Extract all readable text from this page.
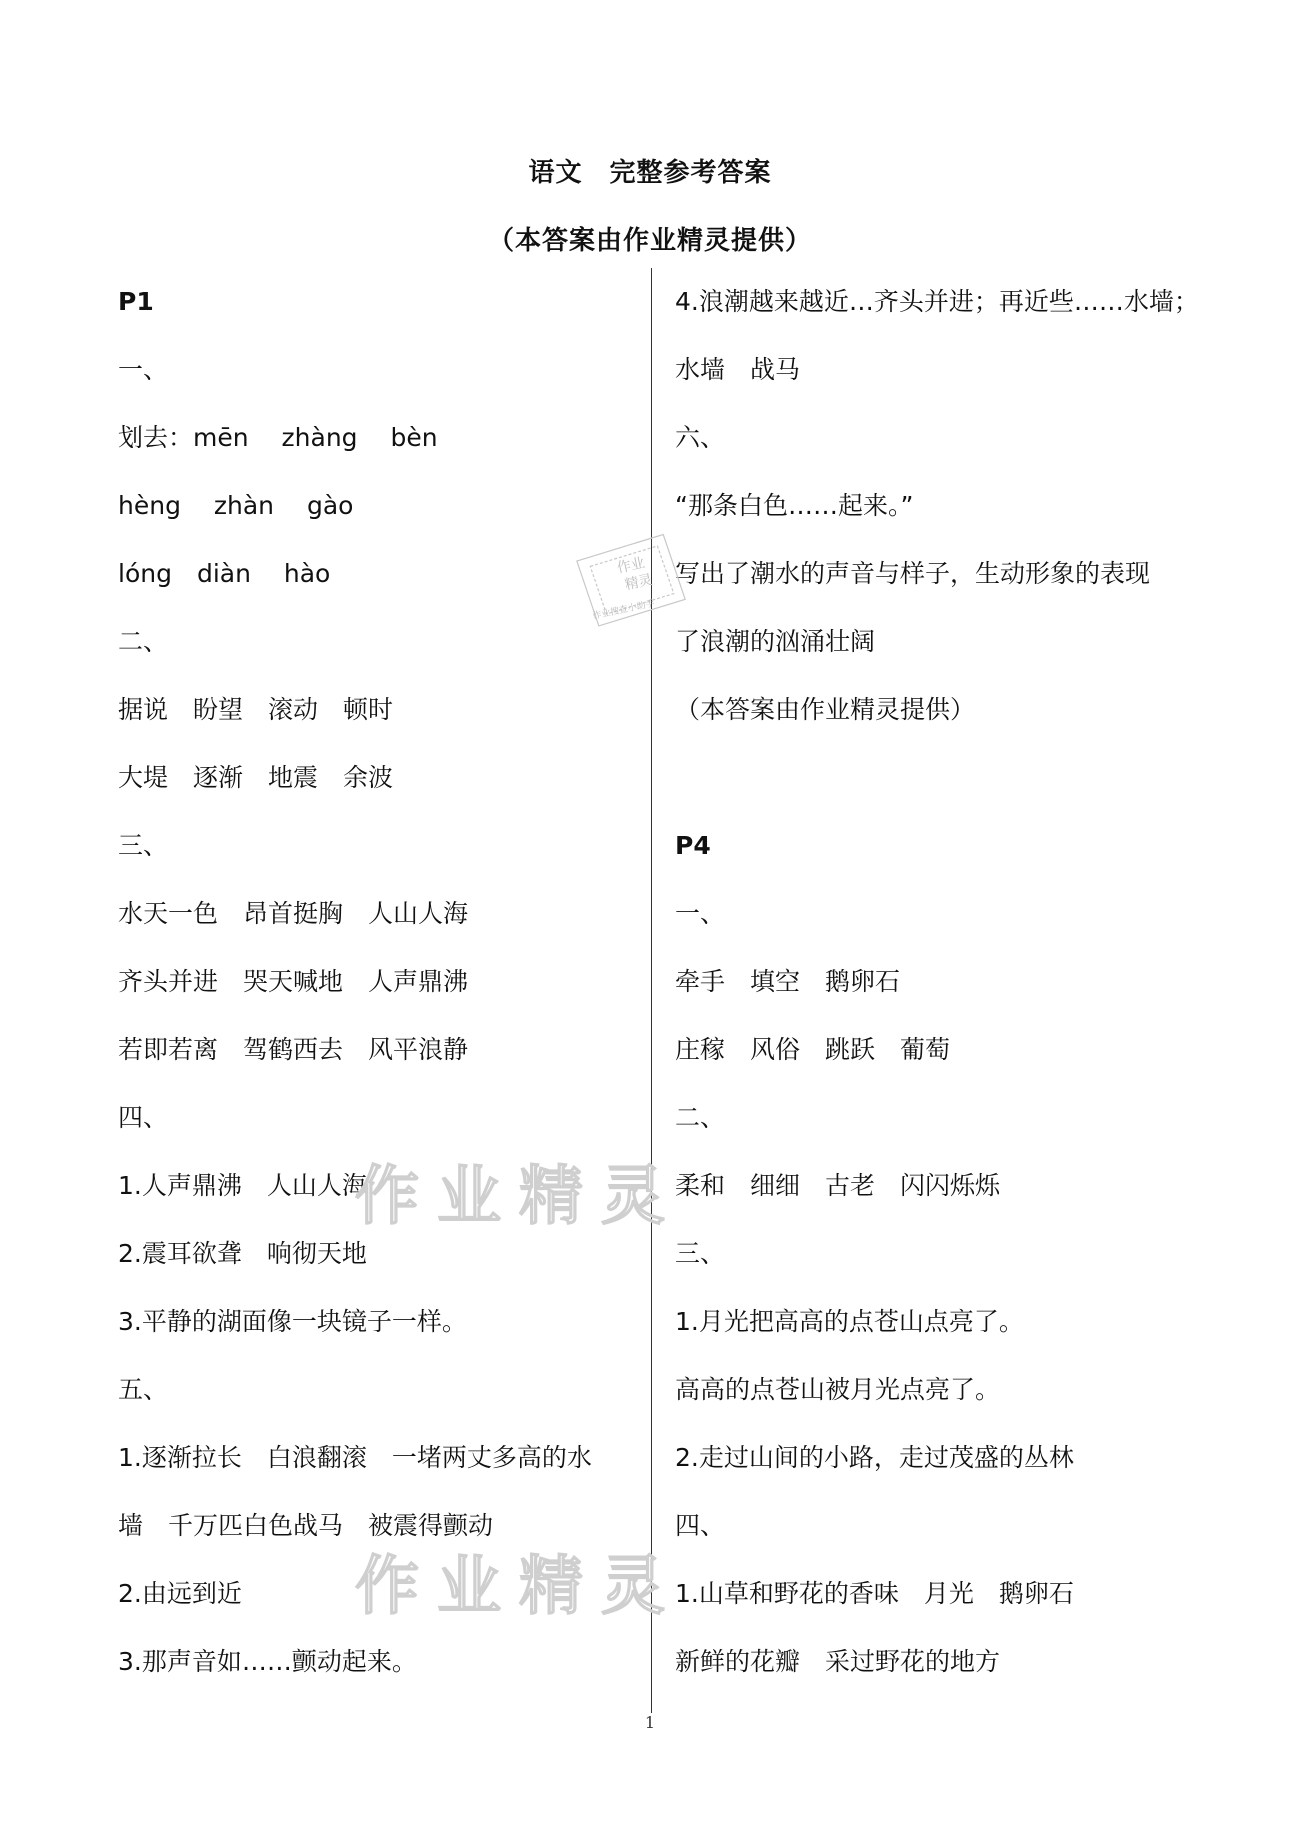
语文　完整参考答案
（本答案由作业精灵提供）
P1
一、
划去：mēn　 zhàng　 bèn
hèng　 zhàn　 gào
lóng　diàn　 hào
二、
据说　盼望　滚动　顿时
大堤　逐渐　地震　余波
三、
水天一色　昂首挺胸　人山人海
齐头并进　哭天喊地　人声鼎沸
若即若离　驾鹤西去　风平浪静
四、
1.人声鼎沸　人山人海
2.震耳欲聋　响彻天地
3.平静的湖面像一块镜子一样。
五、
1.逐渐拉长　白浪翻滚　一堵两丈多高的水
墙　千万匹白色战马　被震得颤动
2.由远到近
3.那声音如……颤动起来。
4.浪潮越来越近…齐头并进；再近些……水墙；
水墙　战马
六、
“那条白色……起来。”
写出了潮水的声音与样子，生动形象的表现
了浪潮的汹涌壮阔
（本答案由作业精灵提供）
P4
一、
牵手　填空　鹅卵石
庄稼　风俗　跳跃　葡萄
二、
柔和　细细　古老　闪闪烁烁
三、
1.月光把高高的点苍山点亮了。
高高的点苍山被月光点亮了。
2.走过山间的小路，走过茂盛的丛林
四、
1.山草和野花的香味　月光　鹅卵石
新鲜的花瓣　采过野花的地方
作业精灵
作业精灵
作业
精灵
作业搜查小助手
1
